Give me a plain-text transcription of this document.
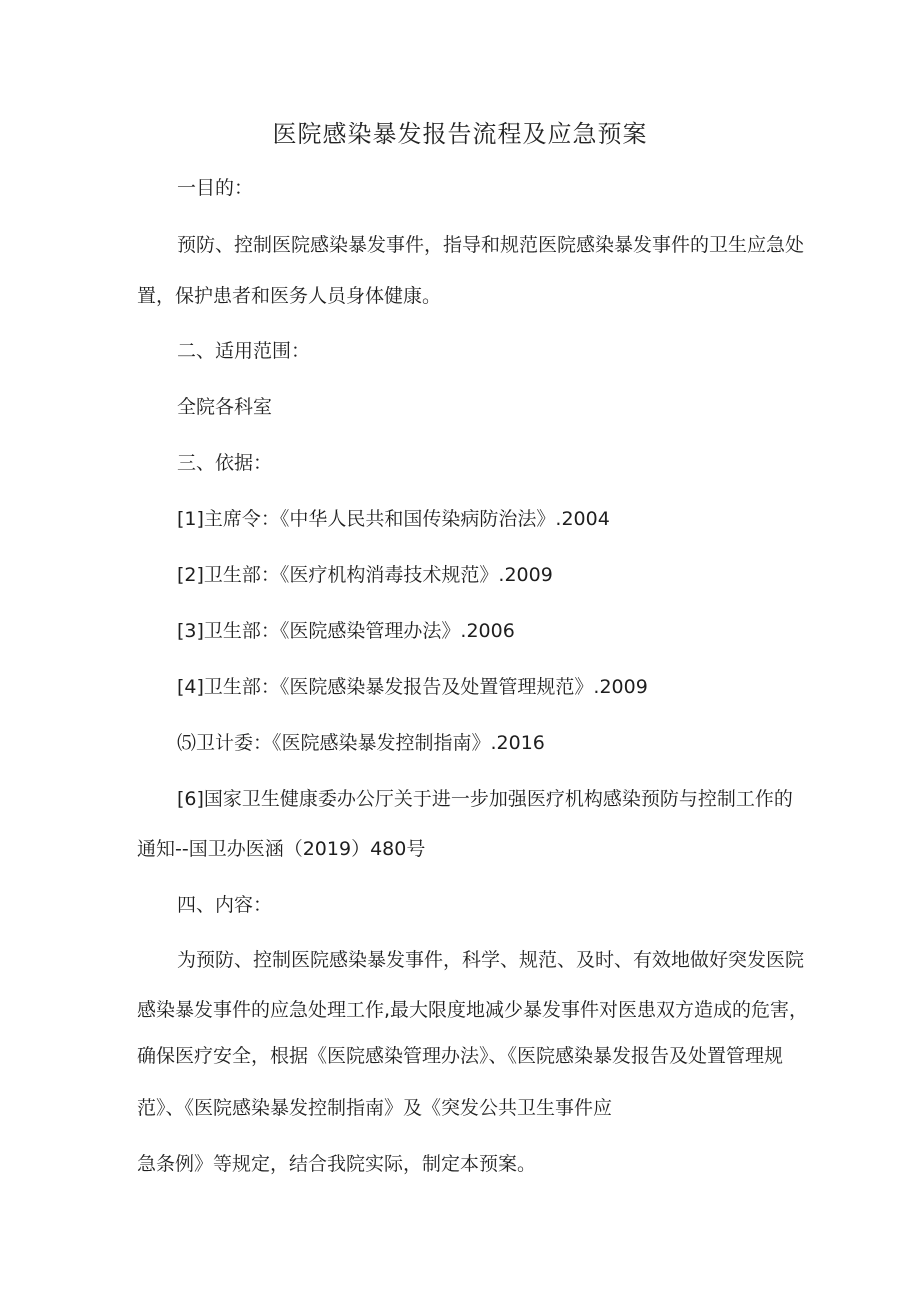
医院感染暴发报告流程及应急预案
一目的：
预防、控制医院感染暴发事件，指导和规范医院感染暴发事件的卫生应急处
置，保护患者和医务人员身体健康。
二、适用范围：
全院各科室
三、依据：
[1]主席令：《中华人民共和国传染病防治法》.2004
[2]卫生部：《医疗机构消毒技术规范》.2009
[3]卫生部：《医院感染管理办法》.2006
[4]卫生部：《医院感染暴发报告及处置管理规范》.2009
⑸卫计委：《医院感染暴发控制指南》.2016
[6]国家卫生健康委办公厅关于进一步加强医疗机构感染预防与控制工作的
通知--国卫办医涵（2019）480号
四、内容：
为预防、控制医院感染暴发事件，科学、规范、及时、有效地做好突发医院
感染暴发事件的应急处理工作,最大限度地减少暴发事件对医患双方造成的危害，
确保医疗安全，根据《医院感染管理办法》、《医院感染暴发报告及处置管理规
范》、《医院感染暴发控制指南》及《突发公共卫生事件应
急条例》等规定，结合我院实际，制定本预案。
